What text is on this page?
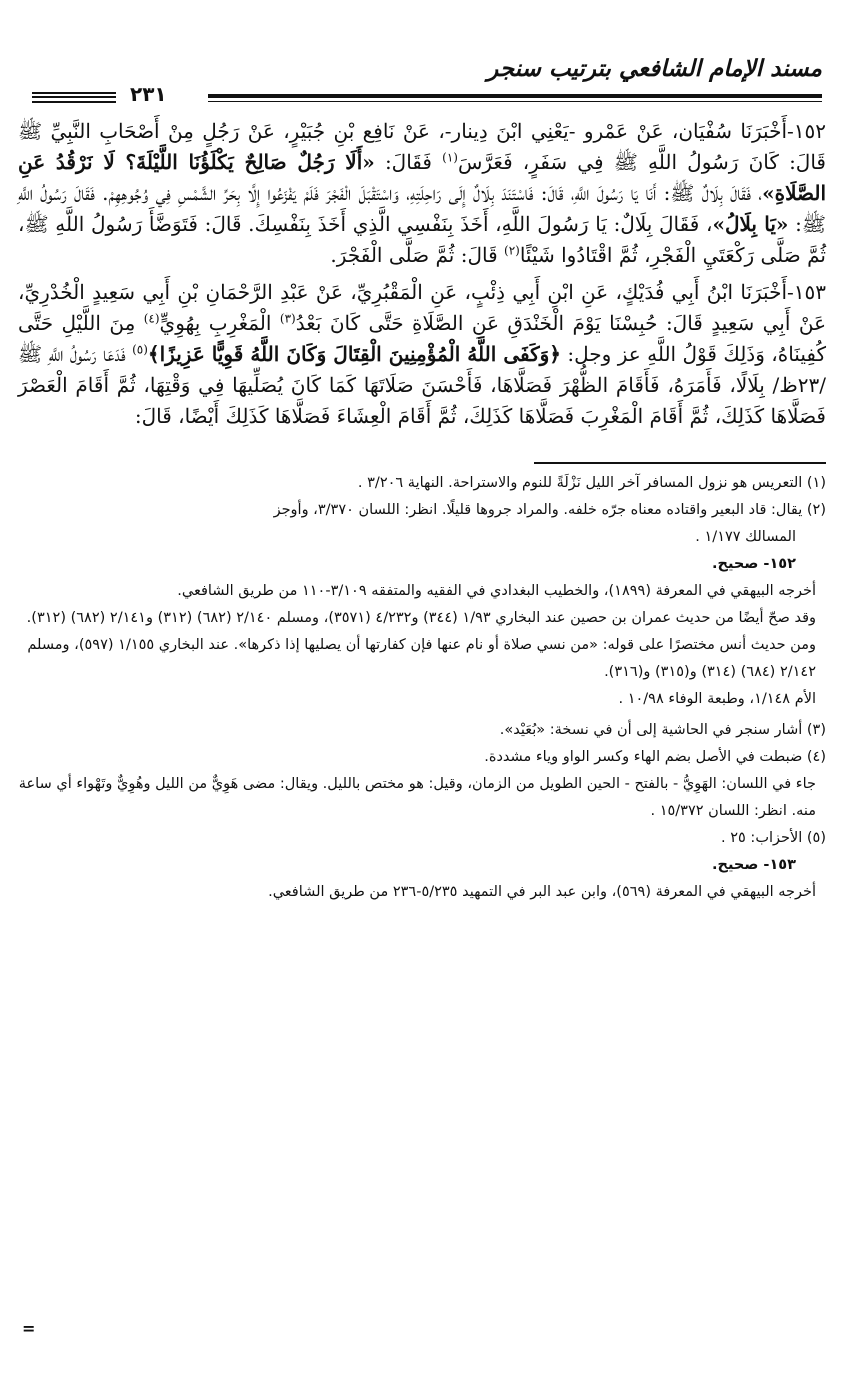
مسند الإمام الشافعي بترتيب سنجر
٢٣١

١٥٢-أَخْبَرَنَا سُفْيَان، عَنْ عَمْرو -يَعْنِي ابْنَ دِينار-، عَنْ نَافِع بْنِ جُبَيْرٍ، عَنْ رَجُلٍ مِنْ أَصْحَابِ النَّبِيِّ ﷺ قَالَ: كَانَ رَسُولُ اللَّهِ ﷺ فِي سَفَرٍ، فَعَرَّسَ$^{(١)}$ فَقَالَ: «أَلَا رَجُلٌ صَالِحٌ يَكْلَؤُنَا اللَّيْلَةَ؟ لَا نَرْقُدُ عَنِ الصَّلَاةِ»، فَقَالَ بِلَالٌ ﷺ: أَنَا يَا رَسُولَ اللَّهِ، قَالَ: فَاسْتَنَدَ بِلَالٌ إِلَى رَاحِلَتِهِ، وَاسْتَقْبَلَ الْفَجْرَ فَلَمْ يَفْزَعُوا إِلَّا بِحَرِّ الشَّمْسِ فِي وُجُوهِهِمْ. فَقَالَ رَسُولُ اللَّهِ ﷺ: «يَا بِلَالُ»، فَقَالَ بِلَالٌ: يَا رَسُولَ اللَّهِ، أَخَذَ بِنَفْسِي الَّذِي أَخَذَ بِنَفْسِكَ. قَالَ: فَتَوَضَّأَ رَسُولُ اللَّهِ ﷺ، ثُمَّ صَلَّى رَكْعَتَيِ الْفَجْرِ، ثُمَّ اقْتَادُوا شَيْئًا$^{(٢)}$ قَالَ: ثُمَّ صَلَّى الْفَجْرَ.

١٥٣-أَخْبَرَنَا ابْنُ أَبِي فُدَيْكٍ، عَنِ ابْنِ أَبِي ذِئْبٍ، عَنِ الْمَقْبُرِيِّ، عَنْ عَبْدِ الرَّحْمَانِ بْنِ أَبِي سَعِيدٍ الْخُدْرِيِّ، عَنْ أَبِي سَعِيدٍ قَالَ: حُبِسْنَا يَوْمَ الْخَنْدَقِ عَنِ الصَّلَاةِ حَتَّى كَانَ بَعْدُ$^{(٣)}$ الْمَغْرِبِ بِهُوِيٍّ$^{(٤)}$ مِنَ اللَّيْلِ حَتَّى كُفِينَاهُ، وَذَلِكَ قَوْلُ اللَّهِ عز وجل: ﴿وَكَفَى اللَّهُ الْمُؤْمِنِينَ الْقِتَالَ وَكَانَ اللَّهُ قَوِيًّا عَزِيزًا﴾$^{(٥)}$ فَدَعَا رَسُولُ اللَّهِ ﷺ /٢٣ظ/ بِلَالًا، فَأَمَرَهُ، فَأَقَامَ الظُّهْرَ فَصَلَّاهَا، فَأَحْسَنَ صَلَاتَهَا كَمَا كَانَ يُصَلِّيهَا فِي وَقْتِهَا، ثُمَّ أَقَامَ الْعَصْرَ فَصَلَّاهَا كَذَلِكَ، ثُمَّ أَقَامَ الْمَغْرِبَ فَصَلَّاهَا كَذَلِكَ، ثُمَّ أَقَامَ الْعِشَاءَ فَصَلَّاهَا كَذَلِكَ أَيْضًا، قَالَ:

(١) التعريس هو نزول المسافر آخر الليل نَزْلَةً للنوم والاستراحة. النهاية ٣/٢٠٦ .

(٢) يقال: قاد البعير واقتاده معناه جرّه خلفه. والمراد جروها قليلًا. انظر: اللسان ٣/٣٧٠، وأوجز

المسالك ١/١٧٧ .

١٥٢- صحيح.

أخرجه البيهقي في المعرفة (١٨٩٩)، والخطيب البغدادي في الفقيه والمتفقه ٣/١٠٩-١١٠ من طريق الشافعي.

وقد صحّ أيضًا من حديث عمران بن حصين عند البخاري ١/٩٣ (٣٤٤) و٤/٢٣٢ (٣٥٧١)، ومسلم ٢/١٤٠ (٦٨٢) (٣١٢) و٢/١٤١ (٦٨٢) (٣١٢).

ومن حديث أنس مختصرًا على قوله: «من نسي صلاة أو نام عنها فإن كفارتها أن يصليها إذا ذكرها». عند البخاري ١/١٥٥ (٥٩٧)، ومسلم ٢/١٤٢ (٦٨٤) (٣١٤) و(٣١٥) و(٣١٦).

الأم ١/١٤٨، وطبعة الوفاء ١٠/٩٨ .

(٣) أشار سنجر في الحاشية إلى أن في نسخة: «بُعَيْد».

(٤) ضبطت في الأصل بضم الهاء وكسر الواو وياء مشددة.

جاء في اللسان: الهَوِيُّ - بالفتح - الحين الطويل من الزمان، وقيل: هو مختص بالليل. ويقال: مضى هَوِيٌّ من الليل وهُوِيٌّ وتَهْواء أي ساعة منه. انظر: اللسان ١٥/٣٧٢ .

(٥) الأحزاب: ٢٥ .

١٥٣- صحيح.

أخرجه البيهقي في المعرفة (٥٦٩)، وابن عبد البر في التمهيد ٥/٢٣٥-٢٣٦ من طريق الشافعي.

=
